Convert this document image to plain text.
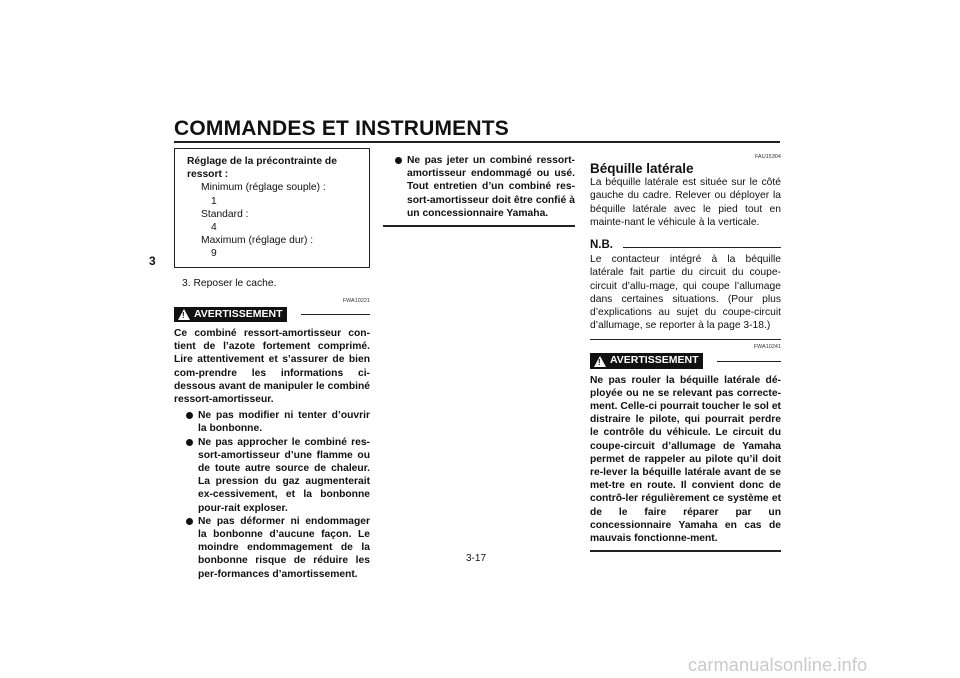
COMMANDES ET INSTRUMENTS
3
Réglage de la précontrainte de ressort :
Minimum (réglage souple) :
1
Standard :
4
Maximum (réglage dur) :
9
3. Reposer le cache.
FWA10221
! AVERTISSEMENT
Ce combiné ressort-amortisseur con-tient de l’azote fortement comprimé. Lire attentivement et s’assurer de bien com-prendre les informations ci-dessous avant de manipuler le combiné ressort-amortisseur.
Ne pas modifier ni tenter d’ouvrir la bonbonne.
Ne pas approcher le combiné res-sort-amortisseur d’une flamme ou de toute autre source de chaleur. La pression du gaz augmenterait ex-cessivement, et la bonbonne pour-rait exploser.
Ne pas déformer ni endommager la bonbonne d’aucune façon. Le moindre endommagement de la bonbonne risque de réduire les per-formances d’amortissement.
Ne pas jeter un combiné ressort-amortisseur endommagé ou usé. Tout entretien d’un combiné res-sort-amortisseur doit être confié à un concessionnaire Yamaha.
FAU15304
Béquille latérale
La béquille latérale est située sur le côté gauche du cadre. Relever ou déployer la béquille latérale avec le pied tout en mainte-nant le véhicule à la verticale.
N.B.
Le contacteur intégré à la béquille latérale fait partie du circuit du coupe-circuit d’allu-mage, qui coupe l’allumage dans certaines situations. (Pour plus d’explications au sujet du coupe-circuit d’allumage, se reporter à la page 3-18.)
FWA10241
! AVERTISSEMENT
Ne pas rouler la béquille latérale dé-ployée ou ne se relevant pas correcte-ment. Celle-ci pourrait toucher le sol et distraire le pilote, qui pourrait perdre le contrôle du véhicule. Le circuit du coupe-circuit d’allumage de Yamaha permet de rappeler au pilote qu’il doit re-lever la béquille latérale avant de se met-tre en route. Il convient donc de contrô-ler régulièrement ce système et de le faire réparer par un concessionnaire Yamaha en cas de mauvais fonctionne-ment.
3-17
carmanualsonline.info
